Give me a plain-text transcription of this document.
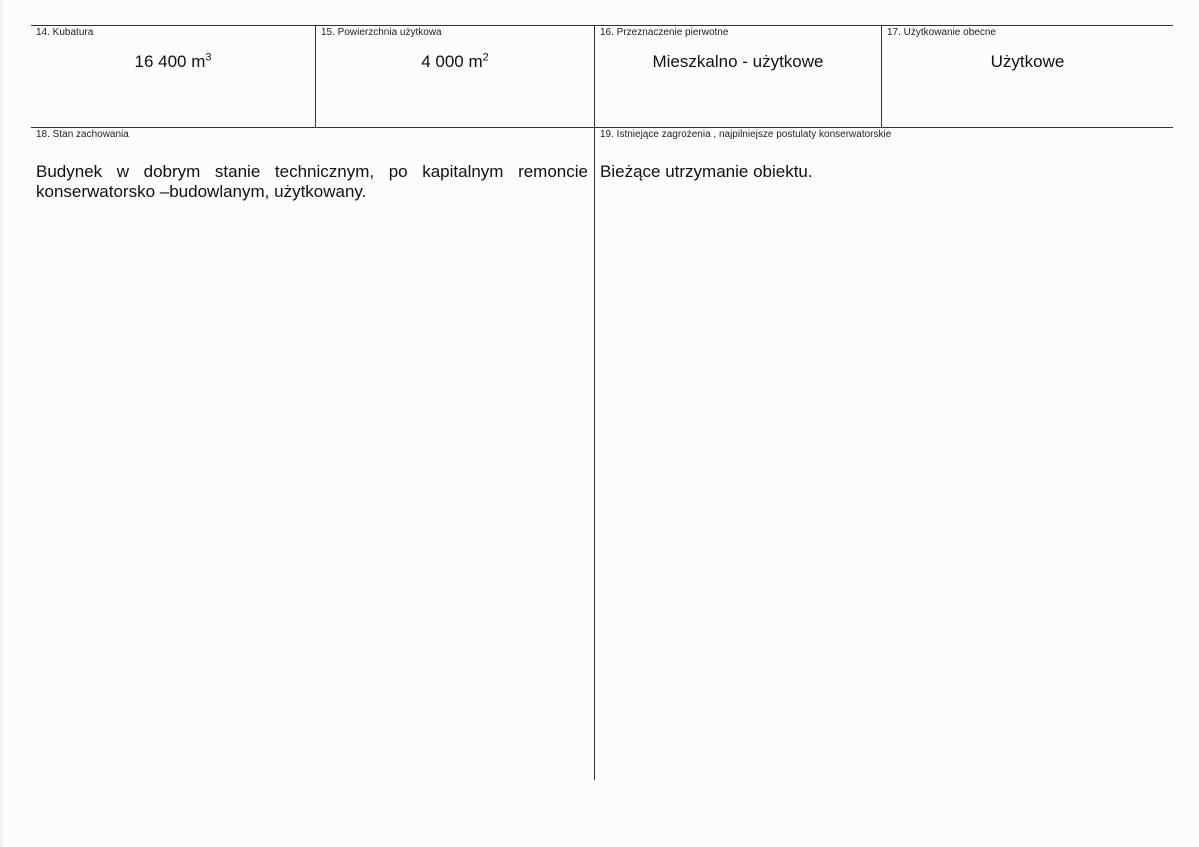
14. Kubatura
16 400 $m^3$
15. Powierzchnia użytkowa
4 000 $m^2$
16. Przeznaczenie pierwotne
Mieszkalno - użytkowe
17. Użytkowanie obecne
Użytkowe
18. Stan zachowania
Budynek w dobrym stanie technicznym, po kapitalnym remoncie
konserwatorsko –budowlanym, użytkowany.
19. Istniejące zagrożenia , najpilniejsze postulaty konserwatorskie
Bieżące utrzymanie obiektu.
